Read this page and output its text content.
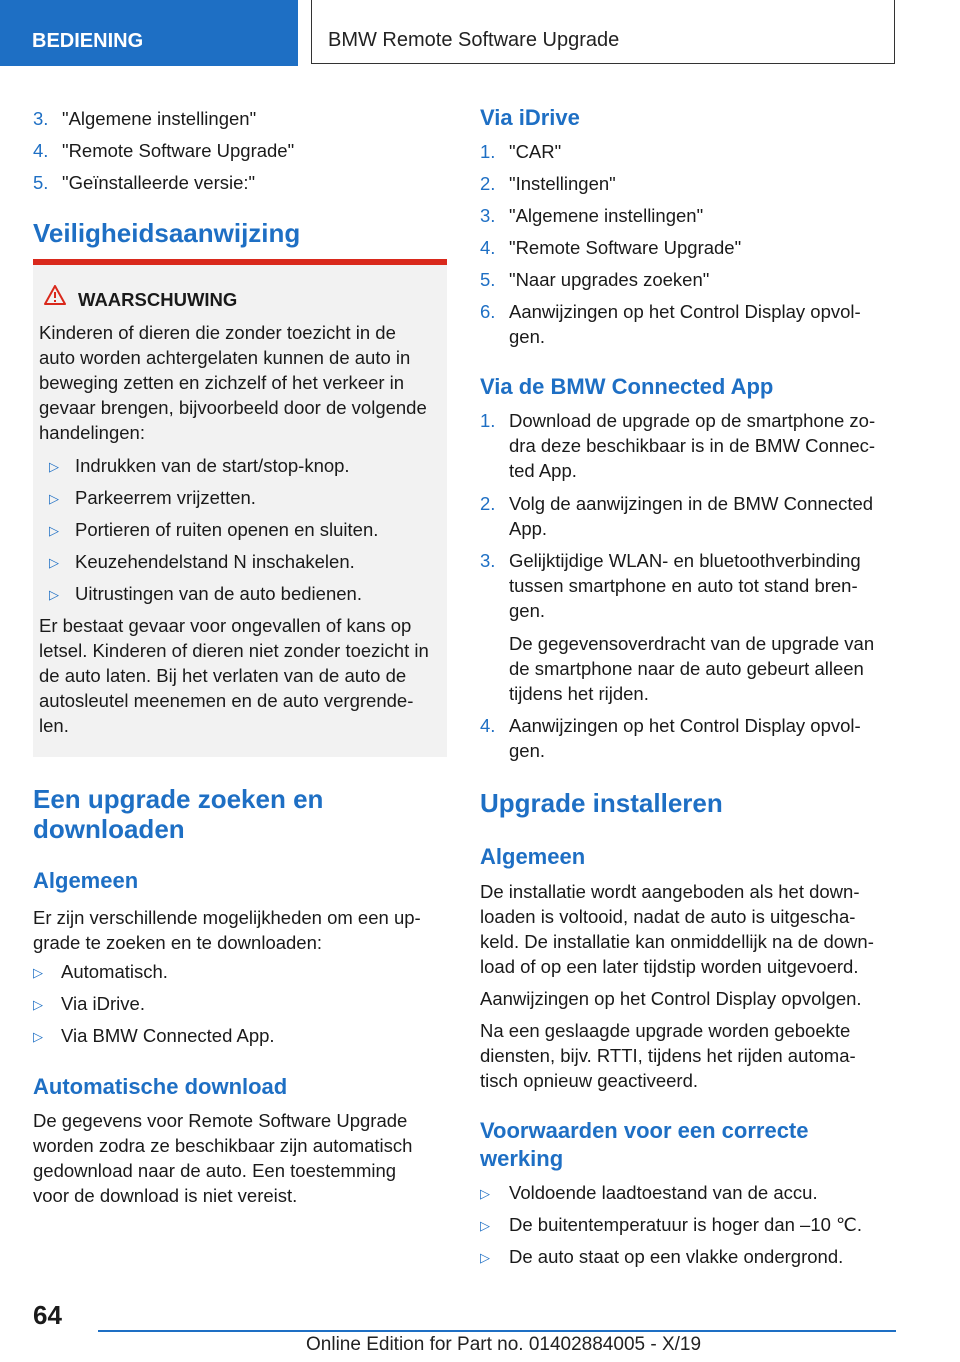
BEDIENING	BMW Remote Software Upgrade
3. "Algemene instellingen"
4. "Remote Software Upgrade"
5. "Geïnstalleerde versie:"
Veiligheidsaanwijzing
WAARSCHUWING
Kinderen of dieren die zonder toezicht in de
auto worden achtergelaten kunnen de auto in
beweging zetten en zichzelf of het verkeer in
gevaar brengen, bijvoorbeeld door de volgende
handelingen:
▷ Indrukken van de start/stop-knop.
▷ Parkeerrem vrijzetten.
▷ Portieren of ruiten openen en sluiten.
▷ Keuzehendelstand N inschakelen.
▷ Uitrustingen van de auto bedienen.
Er bestaat gevaar voor ongevallen of kans op
letsel. Kinderen of dieren niet zonder toezicht in
de auto laten. Bij het verlaten van de auto de
autosleutel meenemen en de auto vergrende-
len.
Een upgrade zoeken en
downloaden
Algemeen
Er zijn verschillende mogelijkheden om een up-
grade te zoeken en te downloaden:
▷ Automatisch.
▷ Via iDrive.
▷ Via BMW Connected App.
Automatische download
De gegevens voor Remote Software Upgrade
worden zodra ze beschikbaar zijn automatisch
gedownload naar de auto. Een toestemming
voor de download is niet vereist.
Via iDrive
1. "CAR"
2. "Instellingen"
3. "Algemene instellingen"
4. "Remote Software Upgrade"
5. "Naar upgrades zoeken"
6. Aanwijzingen op het Control Display opvol-
gen.
Via de BMW Connected App
1. Download de upgrade op de smartphone zo-
dra deze beschikbaar is in de BMW Connec-
ted App.
2. Volg de aanwijzingen in de BMW Connected
App.
3. Gelijktijdige WLAN- en bluetoothverbinding
tussen smartphone en auto tot stand bren-
gen.
De gegevensoverdracht van de upgrade van
de smartphone naar de auto gebeurt alleen
tijdens het rijden.
4. Aanwijzingen op het Control Display opvol-
gen.
Upgrade installeren
Algemeen
De installatie wordt aangeboden als het down-
loaden is voltooid, nadat de auto is uitgescha-
keld. De installatie kan onmiddellijk na de down-
load of op een later tijdstip worden uitgevoerd.
Aanwijzingen op het Control Display opvolgen.
Na een geslaagde upgrade worden geboekte
diensten, bijv. RTTI, tijdens het rijden automa-
tisch opnieuw geactiveerd.
Voorwaarden voor een correcte
werking
▷ Voldoende laadtoestand van de accu.
▷ De buitentemperatuur is hoger dan –10 ℃.
▷ De auto staat op een vlakke ondergrond.
64
Online Edition for Part no. 01402884005 - X/19
